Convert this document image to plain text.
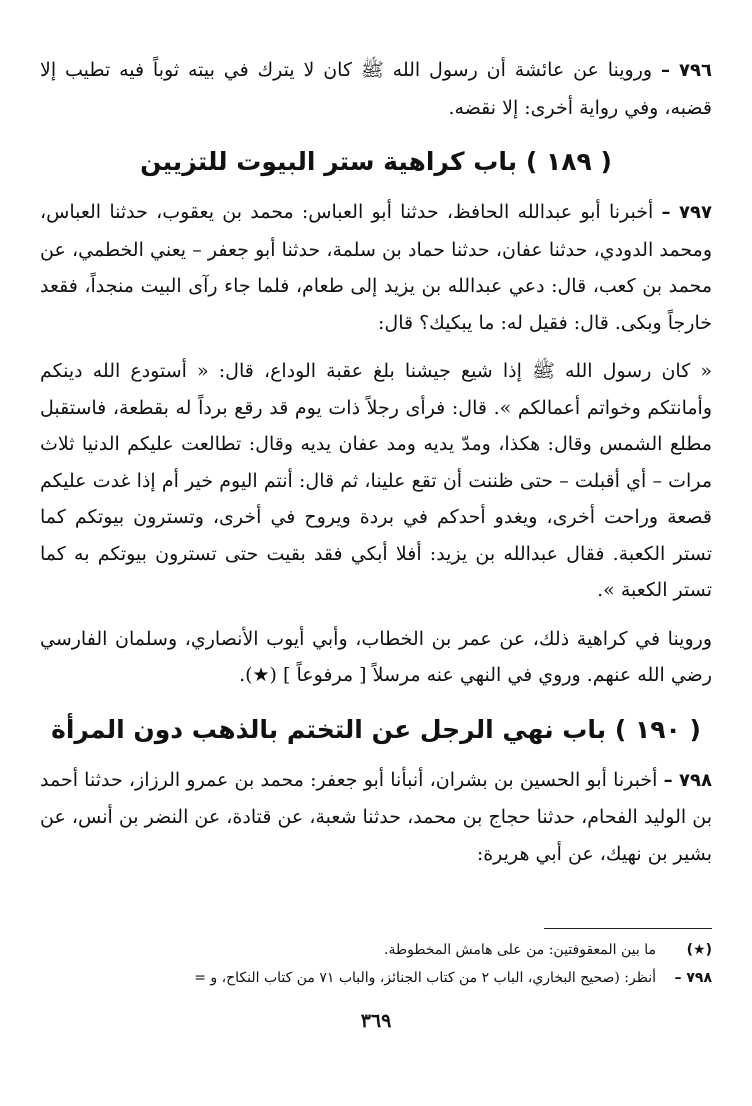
٧٩٦ – وروينا عن عائشة أن رسول الله ﷺ كان لا يترك في بيته ثوباً فيه تطيب إلا قضبه، وفي رواية أخرى: إلا نقضه.

( ١٨٩ ) باب كراهية ستر البيوت للتزيين

٧٩٧ – أخبرنا أبو عبدالله الحافظ، حدثنا أبو العباس: محمد بن يعقوب، حدثنا العباس، ومحمد الدودي، حدثنا عفان، حدثنا حماد بن سلمة، حدثنا أبو جعفر – يعني الخطمي، عن محمد بن كعب، قال: دعي عبدالله بن يزيد إلى طعام، فلما جاء رآى البيت منجداً، فقعد خارجاً وبكى. قال: فقيل له: ما يبكيك؟ قال:

« كان رسول الله ﷺ إذا شيع جيشنا بلغ عقبة الوداع، قال: « أستودع الله دينكم وأمانتكم وخواتم أعمالكم ». قال: فرأى رجلاً ذات يوم قد رقع برداً له بقطعة، فاستقبل مطلع الشمس وقال: هكذا، ومدّ يديه ومد عفان يديه وقال: تطالعت عليكم الدنيا ثلاث مرات – أي أقبلت – حتى ظننت أن تقع علينا، ثم قال: أنتم اليوم خير أم إذا غدت عليكم قصعة وراحت أخرى، ويغدو أحدكم في بردة ويروح في أخرى، وتسترون بيوتكم كما تستر الكعبة. فقال عبدالله بن يزيد: أفلا أبكي فقد بقيت حتى تسترون بيوتكم به كما تستر الكعبة ».

وروينا في كراهية ذلك، عن عمر بن الخطاب، وأبي أيوب الأنصاري، وسلمان الفارسي رضي الله عنهم. وروي في النهي عنه مرسلاً [ مرفوعاً ] (★).

( ١٩٠ ) باب نهي الرجل عن التختم بالذهب دون المرأة

٧٩٨ – أخبرنا أبو الحسين بن بشران، أنبأنا أبو جعفر: محمد بن عمرو الرزاز، حدثنا أحمد بن الوليد الفحام، حدثنا حجاج بن محمد، حدثنا شعبة، عن قتادة، عن النضر بن أنس، عن بشير بن نهيك، عن أبي هريرة:

(★)
ما بين المعقوفتين: من على هامش المخطوطة.
٧٩٨ –
أنظر: (صحيح البخاري، الباب ٢ من كتاب الجنائز، والباب ٧١ من كتاب النكاح، و =
٣٦٩
